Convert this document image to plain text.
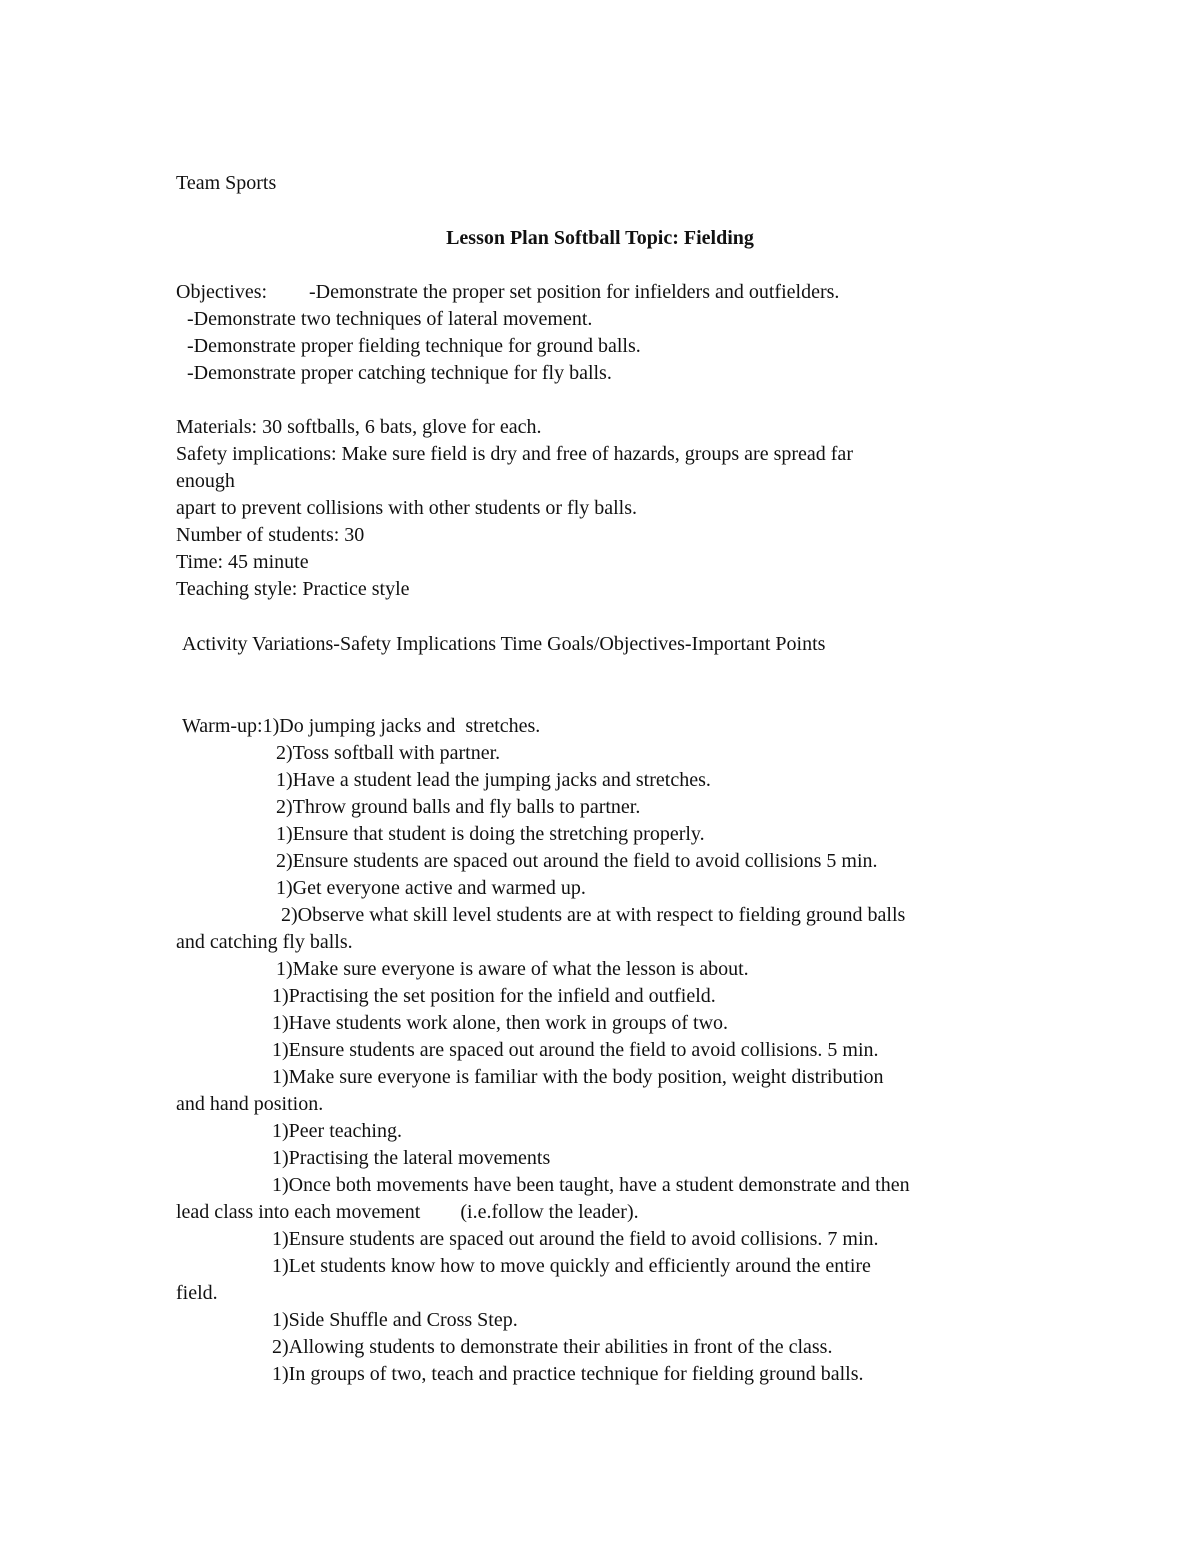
Team Sports
Lesson Plan Softball Topic: Fielding
Objectives: -Demonstrate the proper set position for infielders and outfielders.
-Demonstrate two techniques of lateral movement.
-Demonstrate proper fielding technique for ground balls.
-Demonstrate proper catching technique for fly balls.
Materials: 30 softballs, 6 bats, glove for each.
Safety implications: Make sure field is dry and free of hazards, groups are spread far
enough
apart to prevent collisions with other students or fly balls.
Number of students: 30
Time: 45 minute
Teaching style: Practice style
Activity Variations-Safety Implications Time Goals/Objectives-Important Points
Warm-up:1)Do jumping jacks and  stretches.
2)Toss softball with partner.
1)Have a student lead the jumping jacks and stretches.
2)Throw ground balls and fly balls to partner.
1)Ensure that student is doing the stretching properly.
2)Ensure students are spaced out around the field to avoid collisions 5 min.
1)Get everyone active and warmed up.
2)Observe what skill level students are at with respect to fielding ground balls
and catching fly balls.
1)Make sure everyone is aware of what the lesson is about.
1)Practising the set position for the infield and outfield.
1)Have students work alone, then work in groups of two.
1)Ensure students are spaced out around the field to avoid collisions. 5 min.
1)Make sure everyone is familiar with the body position, weight distribution
and hand position.
1)Peer teaching.
1)Practising the lateral movements
1)Once both movements have been taught, have a student demonstrate and then
lead class into each movement        (i.e.follow the leader).
1)Ensure students are spaced out around the field to avoid collisions. 7 min.
1)Let students know how to move quickly and efficiently around the entire
field.
1)Side Shuffle and Cross Step.
2)Allowing students to demonstrate their abilities in front of the class.
1)In groups of two, teach and practice technique for fielding ground balls.
